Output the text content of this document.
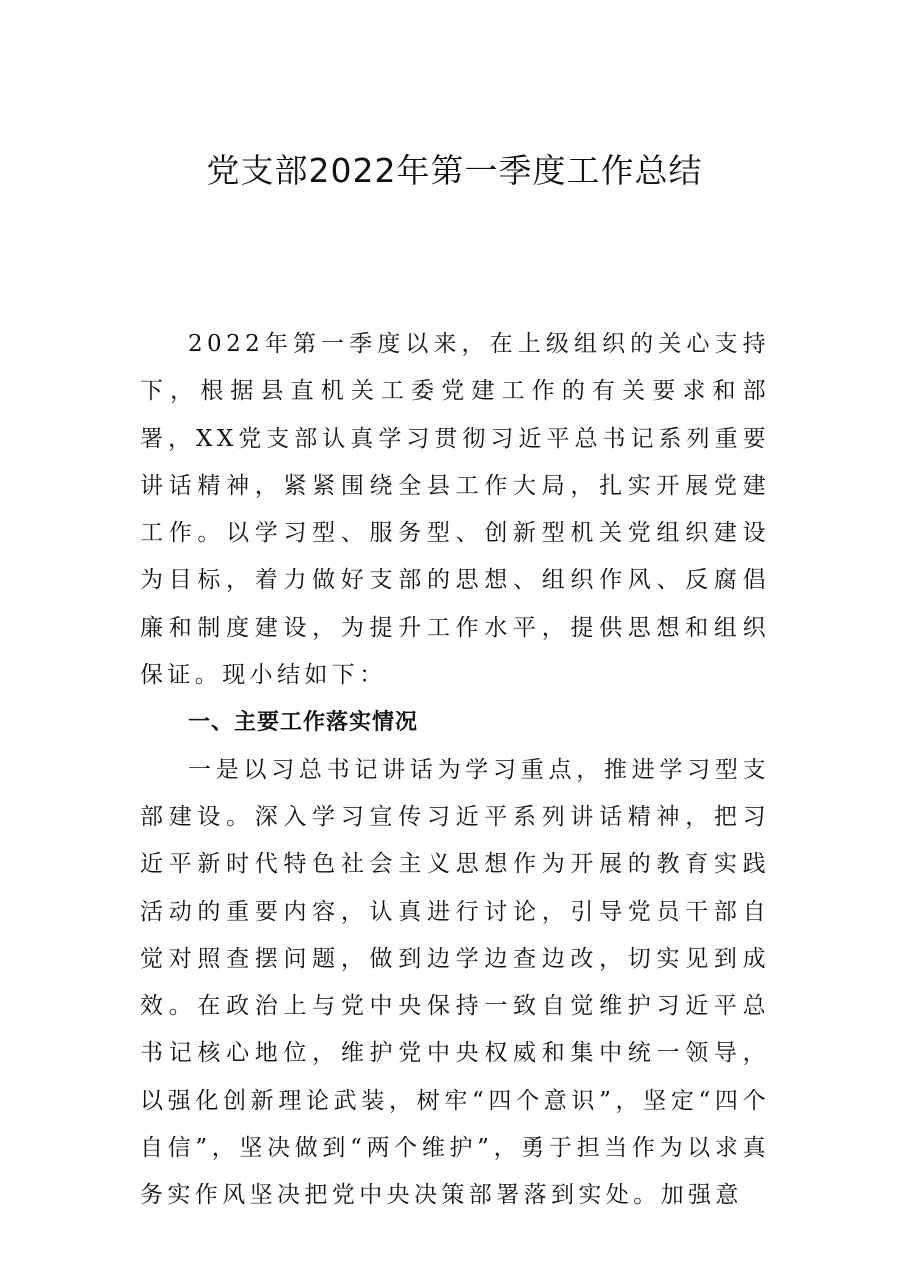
党支部2022年第一季度工作总结

2022年第一季度以来，在上级组织的关心支持下，根据县直机关工委党建工作的有关要求和部署，XX党支部认真学习贯彻习近平总书记系列重要讲话精神，紧紧围绕全县工作大局，扎实开展党建工作。以学习型、服务型、创新型机关党组织建设为目标，着力做好支部的思想、组织作风、反腐倡廉和制度建设，为提升工作水平，提供思想和组织保证。现小结如下：

一、主要工作落实情况

一是以习总书记讲话为学习重点，推进学习型支部建设。深入学习宣传习近平系列讲话精神，把习近平新时代特色社会主义思想作为开展的教育实践活动的重要内容，认真进行讨论，引导党员干部自觉对照查摆问题，做到边学边查边改，切实见到成效。在政治上与党中央保持一致自觉维护习近平总书记核心地位，维护党中央权威和集中统一领导，以强化创新理论武装，树牢“四个意识”，坚定“四个自信”，坚决做到“两个维护”，勇于担当作为以求真务实作风坚决把党中央决策部署落到实处。加强意
